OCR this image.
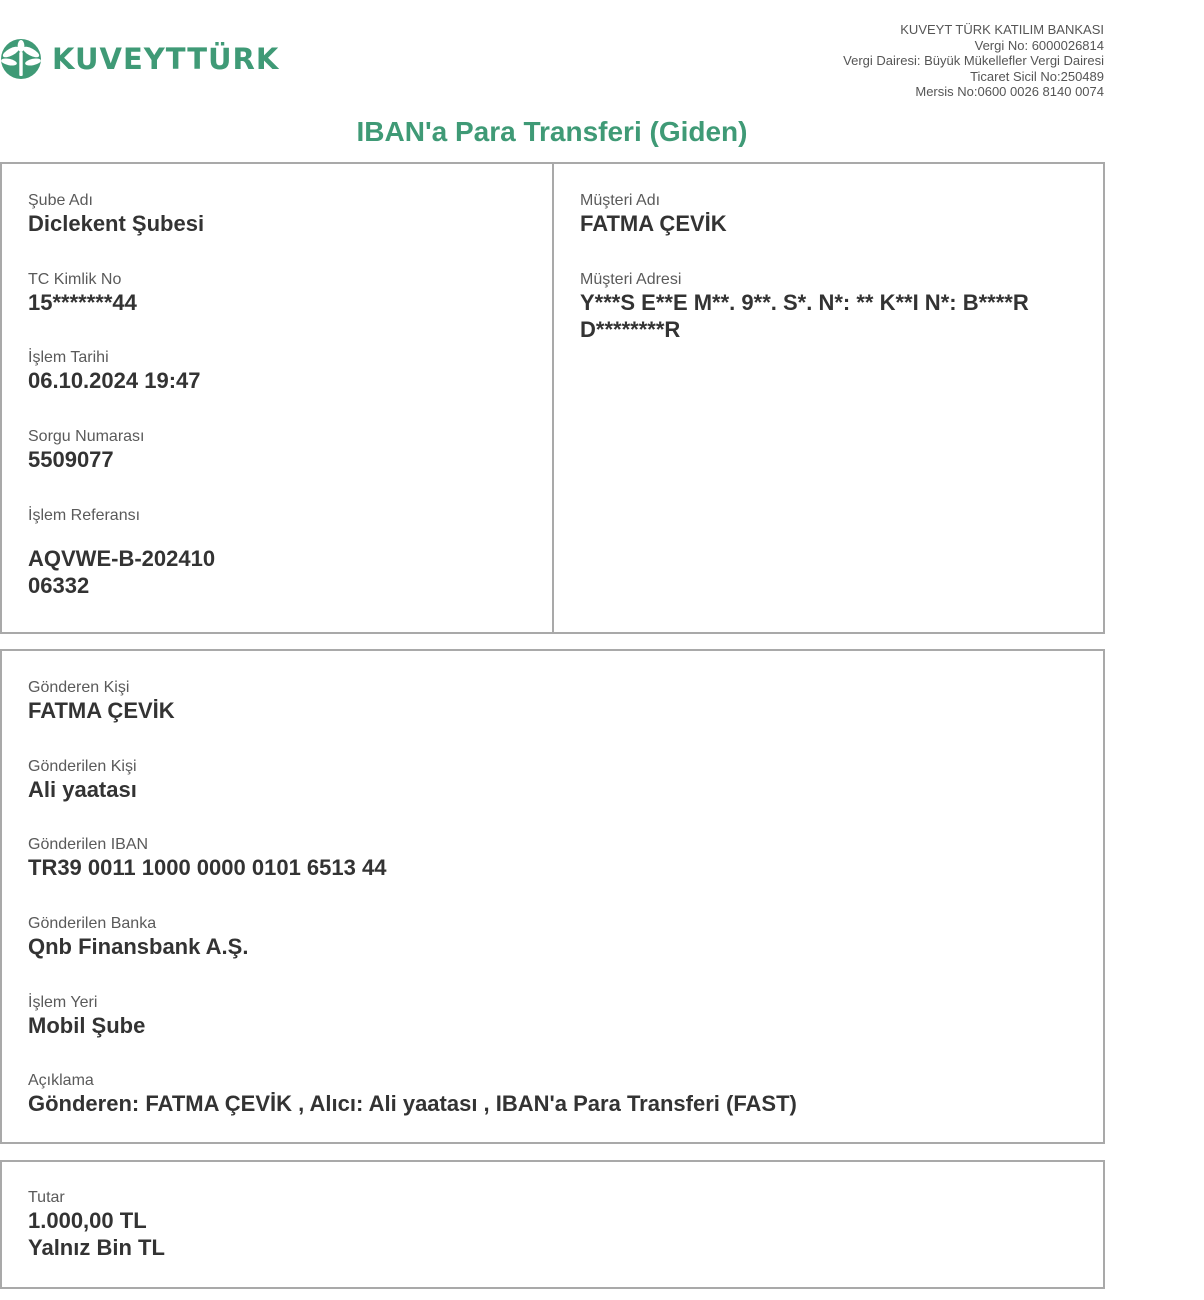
KUVEYTTÜRK
KUVEYT TÜRK KATILIM BANKASI
Vergi No: 6000026814
Vergi Dairesi: Büyük Mükellefler Vergi Dairesi
Ticaret Sicil No:250489
Mersis No:0600 0026 8140 0074
IBAN'a Para Transferi (Giden)
Şube Adı
Diclekent Şubesi
TC Kimlik No
15*******44
İşlem Tarihi
06.10.2024 19:47
Sorgu Numarası
5509077
İşlem Referansı
AQVWE-B-202410
06332
Müşteri Adı
FATMA ÇEVİK
Müşteri Adresi
Y***S E**E M**. 9**. S*. N*: ** K**I N*: B****R
D********R
Gönderen Kişi
FATMA ÇEVİK
Gönderilen Kişi
Ali yaatası
Gönderilen IBAN
TR39 0011 1000 0000 0101 6513 44
Gönderilen Banka
Qnb Finansbank A.Ş.
İşlem Yeri
Mobil Şube
Açıklama
Gönderen: FATMA ÇEVİK , Alıcı: Ali yaatası , IBAN'a Para Transferi (FAST)
Tutar
1.000,00 TL
Yalnız Bin TL
